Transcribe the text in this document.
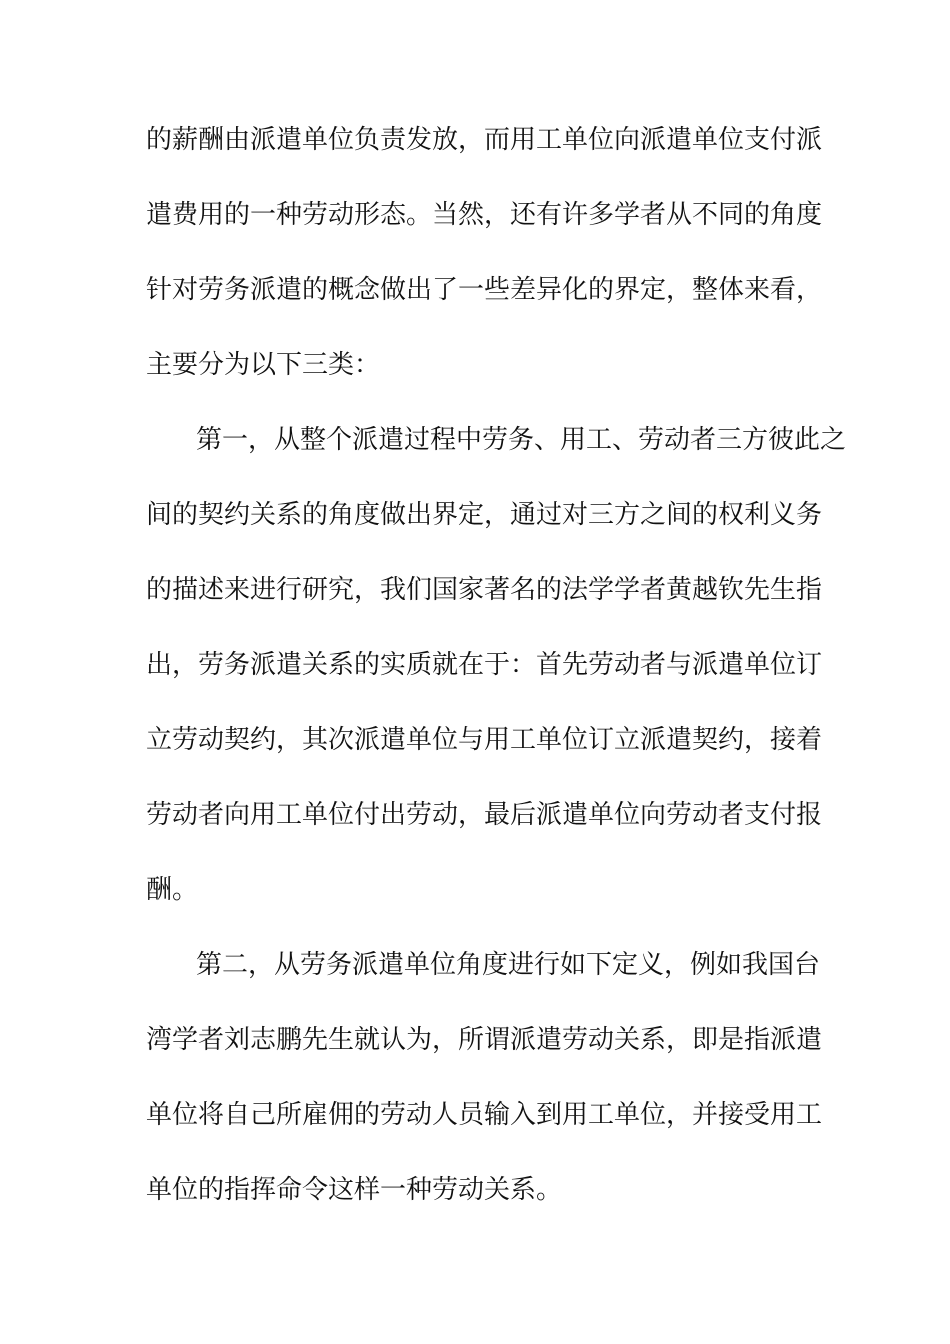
的薪酬由派遣单位负责发放，而用工单位向派遣单位支付派
遣费用的一种劳动形态。当然，还有许多学者从不同的角度
针对劳务派遣的概念做出了一些差异化的界定，整体来看，
主要分为以下三类：
第一，从整个派遣过程中劳务、用工、劳动者三方彼此之
间的契约关系的角度做出界定，通过对三方之间的权利义务
的描述来进行研究，我们国家著名的法学学者黄越钦先生指
出，劳务派遣关系的实质就在于：首先劳动者与派遣单位订
立劳动契约，其次派遣单位与用工单位订立派遣契约，接着
劳动者向用工单位付出劳动，最后派遣单位向劳动者支付报
酬。
第二，从劳务派遣单位角度进行如下定义，例如我国台
湾学者刘志鹏先生就认为，所谓派遣劳动关系，即是指派遣
单位将自己所雇佣的劳动人员输入到用工单位，并接受用工
单位的指挥命令这样一种劳动关系。
